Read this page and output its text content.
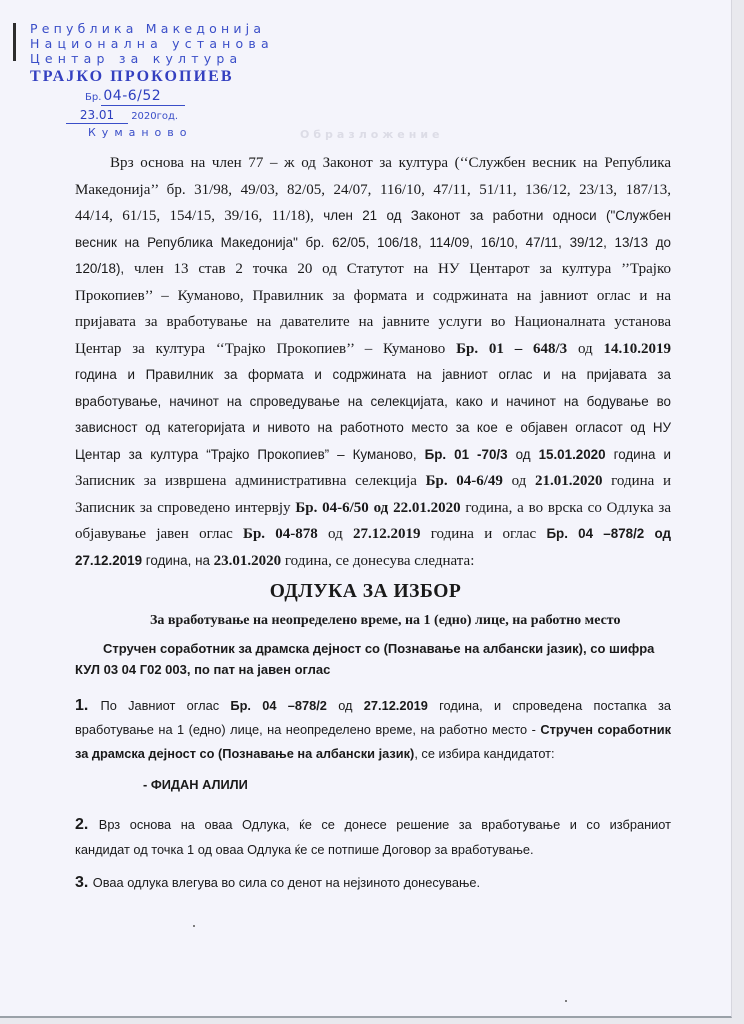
Република Македонија
Национална установа
Центар за култура
ТРАЈКО ПРОКОПИЕВ
Бр. 04-6/52
23.01 2020год.
Куманово	Образложение
Врз основа на член 77 – ж од Законот за култура (‘‘Службен весник на Република
Македонија’’ бр. 31/98, 49/03, 82/05, 24/07, 116/10, 47/11, 51/11, 136/12, 23/13, 187/13,
44/14, 61/15, 154/15, 39/16, 11/18), член 21 од Законот за работни односи ("Службен
весник на Република Македонија" бр. 62/05, 106/18, 114/09, 16/10, 47/11, 39/12, 13/13 до
120/18), член 13 став 2 точка 20 од Статутот на НУ Центарот за култура ’’Трајко
Прокопиев’’ – Куманово, Правилник за формата и содржината на јавниот оглас и на
пријавата за вработување на давателите на јавните услуги во Националната установа
Центар за култура ‘‘Трајко Прокопиев’’ – Куманово Бр. 01 – 648/3 од 14.10.2019
година и Правилник за формата и содржината на јавниот оглас и на пријавата за
вработување, начинот на спроведување на селекцијата, како и начинот на бодување во
зависност од категоријата и нивото на работното место за кое е објавен огласот од НУ
Центар за култура “Трајко Прокопиев” – Куманово, Бр. 01 -70/3 од 15.01.2020 година и
Записник за извршена административна селекција Бр. 04-6/49 од 21.01.2020 година и
Записник за спроведено интервју Бр. 04-6/50 од 22.01.2020 година, а во врска со Одлука за
објавување јавен оглас Бр. 04-878 од 27.12.2019 година и оглас Бр. 04 –878/2 од
27.12.2019 година, на 23.01.2020 година, се донесува следната:
ОДЛУКА ЗА ИЗБОР
За вработување на неопределено време, на 1 (едно) лице, на работно место
Стручен соработник за драмска дејност со (Познавање на албански јазик), со шифра
КУЛ 03 04 Г02 003, по пат на јавен оглас
1. По Јавниот оглас Бр. 04 –878/2 од 27.12.2019 година, и спроведена постапка за
вработување на 1 (едно) лице, на неопределено време, на работно место - Стручен соработник
за драмска дејност со (Познавање на албански јазик), се избира кандидатот:
- ФИДАН АЛИЛИ
2. Врз основа на оваа Одлука, ќе се донесе решение за вработување и со избраниот
кандидат од точка 1 од оваа Одлука ќе се потпише Договор за вработување.
3. Оваа одлука влегува во сила со денот на нејзиното донесување.
